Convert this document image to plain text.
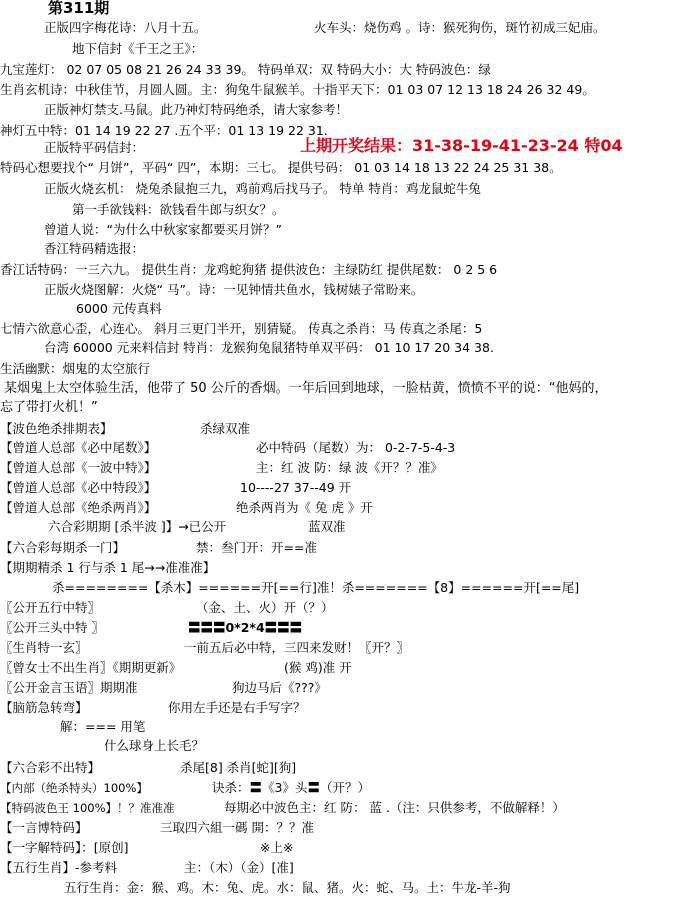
第311期
正版四字梅花诗：八月十五。	火车头：烧伤鸡 。诗：猴死狗伤，斑竹初成三妃庙。
地下信封《千王之王》：
九宝莲灯： 02 07 05 08 21 26 24 33 39。 特码单双：双 特码大小：大 特码波色：绿
生肖玄机诗：中秋佳节，月圆人圆。主：狗兔牛鼠猴羊。十指平天下：01 03 07 12 13 18 24 26 32 49。
正版神灯禁支.马鼠。此乃神灯特码绝杀，请大家参考！
神灯五中特：01 14 19 22 27 .五个平：01 13 19 22 31.
正版特平码信封：	上期开奖结果：31-38-19-41-23-24 特04
特码心想要找个“ 月饼”，平码“ 四”，本期：三七。 提供号码： 01 03 14 18 13 22 24 25 31 38。
正版火烧玄机： 烧兔杀鼠抱三九，鸡前鸡后找马子。 特单 特肖：鸡龙鼠蛇牛兔
第一手欲钱料：欲钱看牛郎与织女？。
曾道人说：“为什么中秋家家都要买月饼？”
香江特码精选报：
香江话特码：一三六九。 提供生肖：龙鸡蛇狗猪 提供波色：主绿防红 提供尾数： 0 2 5 6
正版火烧图解：火烧“ 马”。诗：一见钟情共鱼水，钱树婊子常盼来。
6000 元传真料
七情六欲意心歪，心连心。 斜月三更门半开，别猜疑。 传真之杀肖：马 传真之杀尾：5
台湾 60000 元来料信封 特肖：龙猴狗兔鼠猪特单双平码： 01 10 17 20 34 38.
生活幽默：烟鬼的太空旅行
某烟鬼上太空体验生活，他带了 50 公斤的香烟。一年后回到地球，一脸枯黄，愤愤不平的说：“他妈的，
忘了带打火机！”
【波色绝杀排期表】	杀绿双准
【曾道人总部《必中尾数》】	必中特码（尾数）为： 0-2-7-5-4-3
【曾道人总部《一波中特》】	主：红 波 防：绿 波《开？？准》
【曾道人总部《必中特段》】	10----27 37--49 开
【曾道人总部《绝杀两肖》】	绝杀两肖为《 兔 虎 》开
六合彩期期 [杀半波 ]】→已公开	蓝双准
【六合彩每期杀一门】	禁：叁门开：开==准
【期期精杀 1 行与杀 1 尾→→准准准】
杀========【杀木】======开[==行]准！杀=======【8】======开[==尾]
〖公开五行中特〗	（金、土、火）开（？）
〖公开三头中特 〗	〓〓〓0*2*4〓〓〓
〖生肖特一玄〗	一前五后必中特，三四来发财！〖开？〗
〖曾女士不出生肖〗《期期更新》	(猴 鸡)准 开
〖公开金言玉语〗期期准	狗边马后《???》
【脑筋急转弯】	你用左手还是右手写字？
解：=== 用笔
什么球身上长毛？
【六合彩不出特】	杀尾[8] 杀肖[蛇][狗]
【内部（绝杀特头）100%】	诀杀：〓《3》头〓（开？）
【特码波色王 100%】！？准准准	每期必中波色主：红 防： 蓝 .（注：只供参考，不做解释！）
【一言博特码】	三取四六組一碼 開：？？准
【一字解特码】：[原创]	※上※
【五行生肖】-参考料	主：（木）（金）[准]
五行生肖：金：猴、鸡。木：兔、虎。水：鼠、猪。火：蛇、马。土：牛龙-羊-狗
